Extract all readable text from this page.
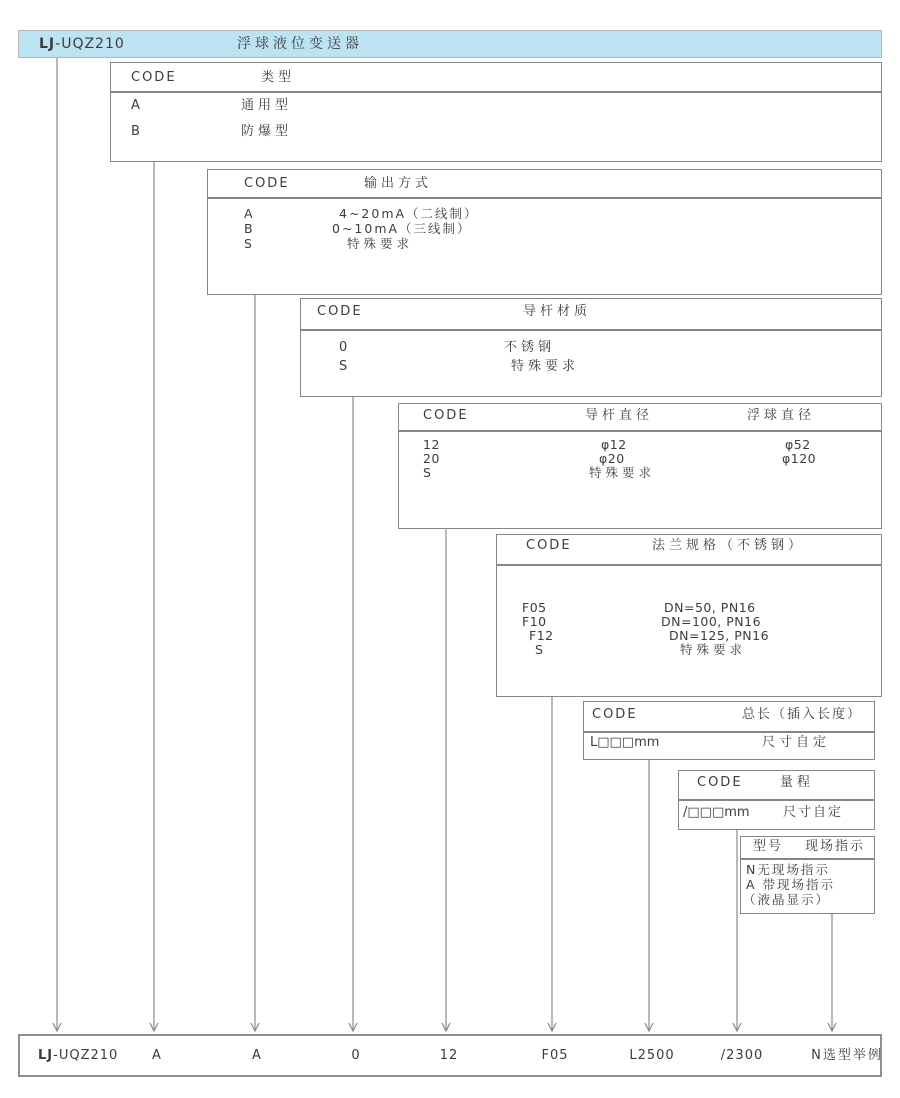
LJ-UQZ210	浮球液位变送器
CODE	类型
A	通用型
B	防爆型
CODE	输出方式
A	4~20mA（二线制）
B	0~10mA（三线制）
S	特殊要求
CODE	导杆材质
0	不锈钢
S	特殊要求
CODE	导杆直径	浮球直径
12	φ12	φ52
20	φ20	φ120
S	特殊要求
CODE	法兰规格（不锈钢）
F05	DN=50, PN16
F10	DN=100, PN16
F12	DN=125, PN16
S	特殊要求
CODE	总长（插入长度）
L□□□mm	尺寸自定
CODE	量程
/□□□mm	尺寸自定
型号 现场指示
N无现场指示
A 带现场指示
（液晶显示）
LJ-UQZ210	A	A	0	12	F05	L2500	/2300	N选型举例
